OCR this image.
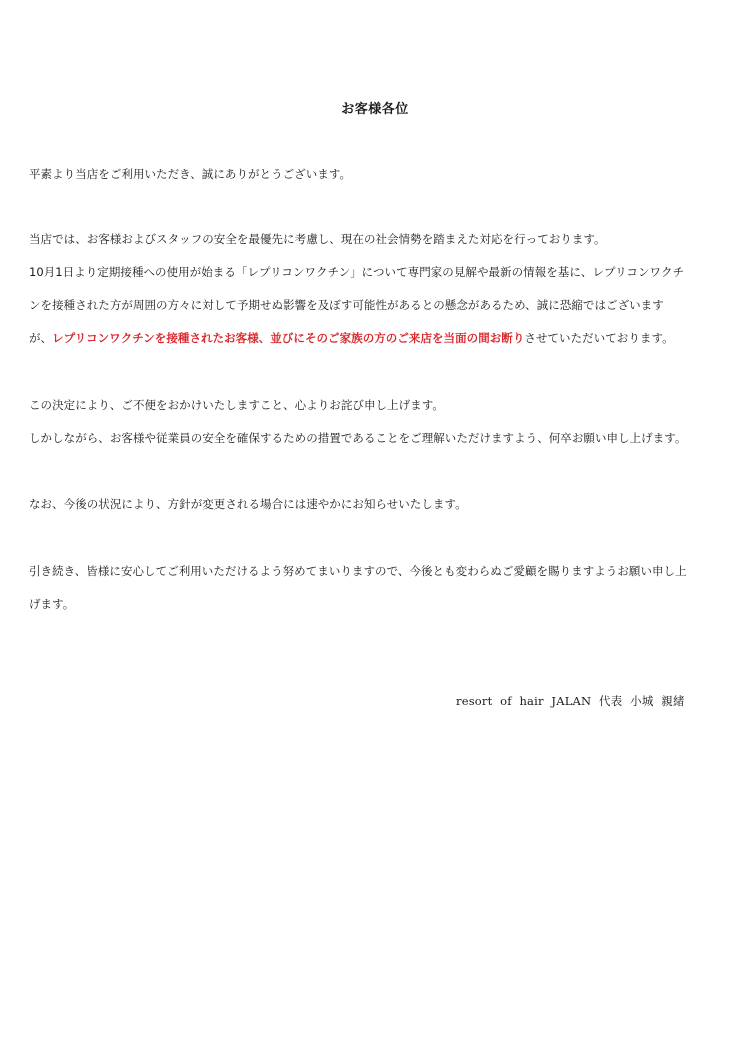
お客様各位
平素より当店をご利用いただき、誠にありがとうございます。
当店では、お客様およびスタッフの安全を最優先に考慮し、現在の社会情勢を踏まえた対応を行っております。
10月1日より定期接種への使用が始まる「レプリコンワクチン」について専門家の見解や最新の情報を基に、レプリコンワクチ
ンを接種された方が周囲の方々に対して予期せぬ影響を及ぼす可能性があるとの懸念があるため、誠に恐縮ではございます
が、レプリコンワクチンを接種されたお客様、並びにそのご家族の方のご来店を当面の間お断りさせていただいております。
この決定により、ご不便をおかけいたしますこと、心よりお詫び申し上げます。
しかしながら、お客様や従業員の安全を確保するための措置であることをご理解いただけますよう、何卒お願い申し上げます。
なお、今後の状況により、方針が変更される場合には速やかにお知らせいたします。
引き続き、皆様に安心してご利用いただけるよう努めてまいりますので、今後とも変わらぬご愛顧を賜りますようお願い申し上
げます。
resort  of  hair  JALAN  代表  小城  親緒
